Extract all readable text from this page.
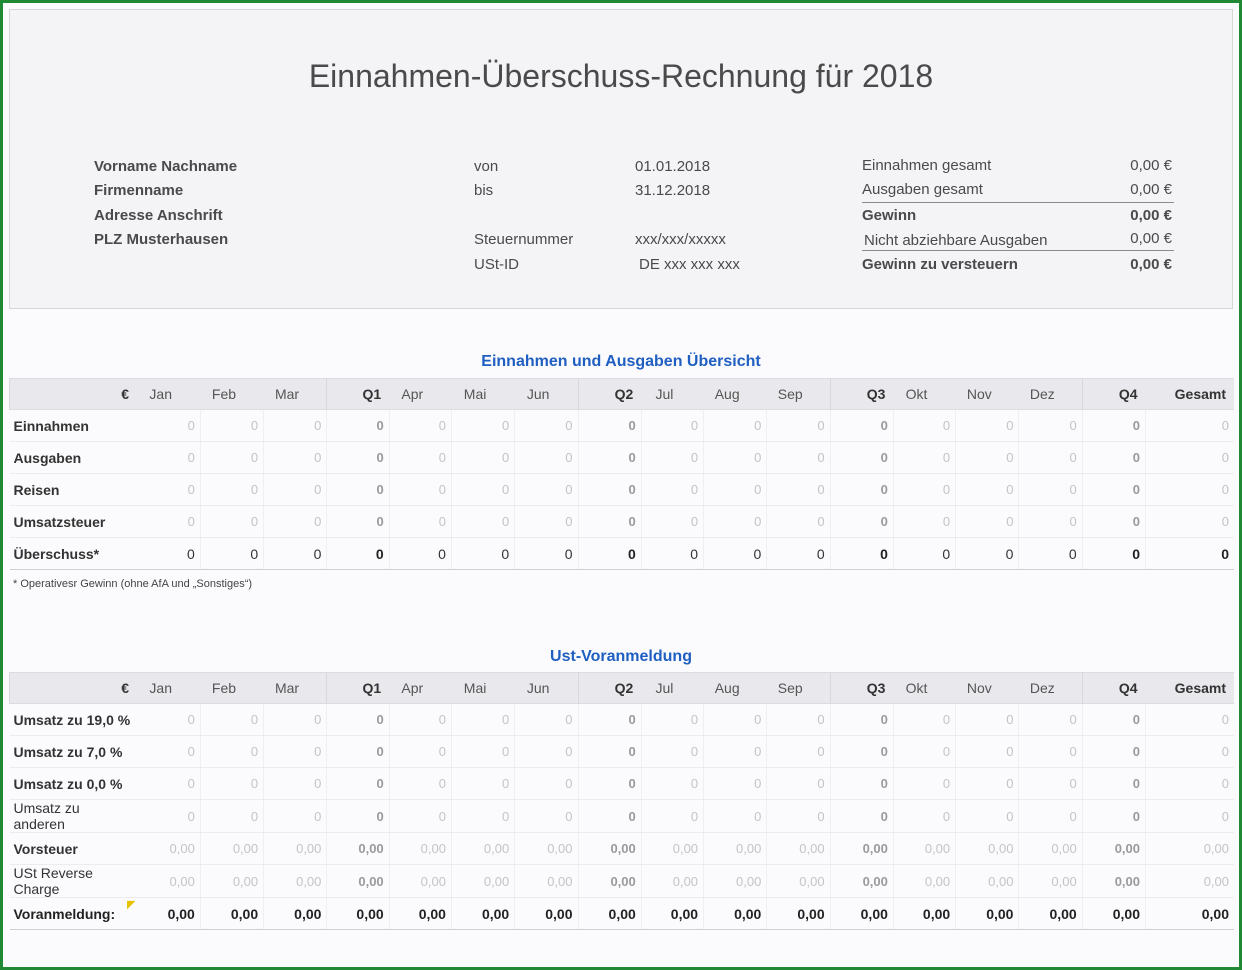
Einnahmen-Überschuss-Rechnung für 2018
Vorname Nachname
Firmenname
Adresse Anschrift
PLZ Musterhausen
von	01.01.2018
bis	31.12.2018
Steuernummer	xxx/xxx/xxxxx
USt-ID	DE xxx xxx xxx
Einnahmen gesamt	0,00 €
Ausgaben gesamt	0,00 €
Gewinn	0,00 €
Nicht abziehbare Ausgaben	0,00 €
Gewinn zu versteuern	0,00 €
Einnahmen und Ausgaben Übersicht
€	Jan	Feb	Mar	Q1	Apr	Mai	Jun	Q2	Jul	Aug	Sep	Q3	Okt	Nov	Dez	Q4	Gesamt
Einnahmen	0	0	0	0	0	0	0	0	0	0	0	0	0	0	0	0	0
Ausgaben	0	0	0	0	0	0	0	0	0	0	0	0	0	0	0	0	0
Reisen	0	0	0	0	0	0	0	0	0	0	0	0	0	0	0	0	0
Umsatzsteuer	0	0	0	0	0	0	0	0	0	0	0	0	0	0	0	0	0
Überschuss*	0	0	0	0	0	0	0	0	0	0	0	0	0	0	0	0	0
* Operativesr Gewinn (ohne AfA und „Sonstiges“)
Ust-Voranmeldung
€	Jan	Feb	Mar	Q1	Apr	Mai	Jun	Q2	Jul	Aug	Sep	Q3	Okt	Nov	Dez	Q4	Gesamt
Umsatz zu 19,0 %	0	0	0	0	0	0	0	0	0	0	0	0	0	0	0	0	0
Umsatz zu 7,0 %	0	0	0	0	0	0	0	0	0	0	0	0	0	0	0	0	0
Umsatz zu 0,0 %	0	0	0	0	0	0	0	0	0	0	0	0	0	0	0	0	0
Umsatz zu anderen	0	0	0	0	0	0	0	0	0	0	0	0	0	0	0	0	0
Vorsteuer	0,00	0,00	0,00	0,00	0,00	0,00	0,00	0,00	0,00	0,00	0,00	0,00	0,00	0,00	0,00	0,00	0,00
USt Reverse Charge	0,00	0,00	0,00	0,00	0,00	0,00	0,00	0,00	0,00	0,00	0,00	0,00	0,00	0,00	0,00	0,00	0,00
Voranmeldung:	0,00	0,00	0,00	0,00	0,00	0,00	0,00	0,00	0,00	0,00	0,00	0,00	0,00	0,00	0,00	0,00	0,00
◤
